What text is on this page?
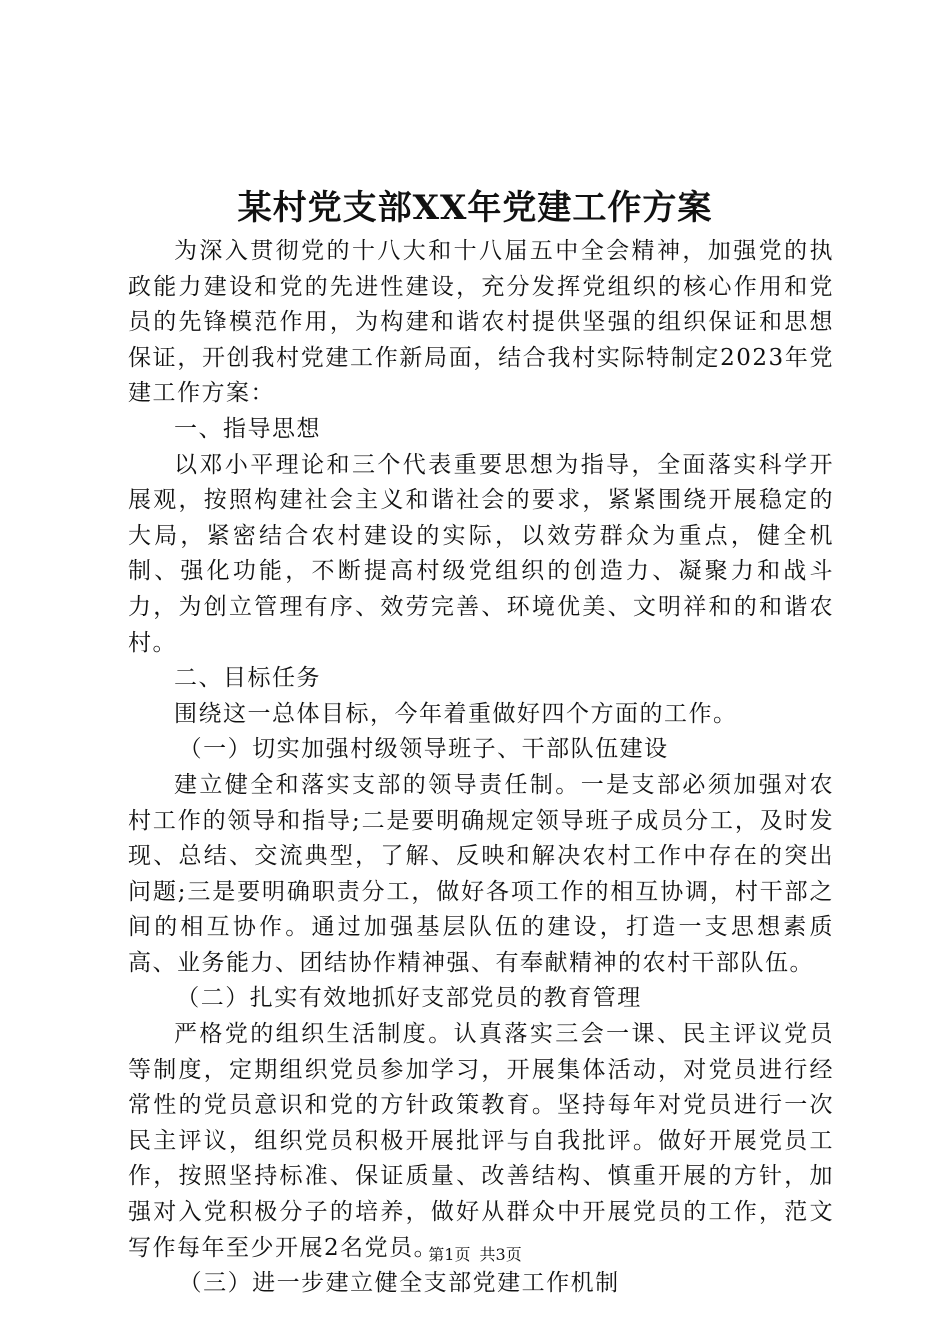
某村党支部XX年党建工作方案

为深入贯彻党的十八大和十八届五中全会精神，加强党的执政能力建设和党的先进性建设，充分发挥党组织的核心作用和党员的先锋模范作用，为构建和谐农村提供坚强的组织保证和思想保证，开创我村党建工作新局面，结合我村实际特制定2023年党建工作方案：

一、指导思想

以邓小平理论和三个代表重要思想为指导，全面落实科学开展观，按照构建社会主义和谐社会的要求，紧紧围绕开展稳定的大局，紧密结合农村建设的实际，以效劳群众为重点，健全机制、强化功能，不断提高村级党组织的创造力、凝聚力和战斗力，为创立管理有序、效劳完善、环境优美、文明祥和的和谐农村。

二、目标任务

围绕这一总体目标，今年着重做好四个方面的工作。

（一）切实加强村级领导班子、干部队伍建设

建立健全和落实支部的领导责任制。一是支部必须加强对农村工作的领导和指导;二是要明确规定领导班子成员分工，及时发现、总结、交流典型，了解、反映和解决农村工作中存在的突出问题;三是要明确职责分工，做好各项工作的相互协调，村干部之间的相互协作。通过加强基层队伍的建设，打造一支思想素质高、业务能力、团结协作精神强、有奉献精神的农村干部队伍。

（二）扎实有效地抓好支部党员的教育管理

严格党的组织生活制度。认真落实三会一课、民主评议党员等制度，定期组织党员参加学习，开展集体活动，对党员进行经常性的党员意识和党的方针政策教育。坚持每年对党员进行一次民主评议，组织党员积极开展批评与自我批评。做好开展党员工作，按照坚持标准、保证质量、改善结构、慎重开展的方针，加强对入党积极分子的培养，做好从群众中开展党员的工作，范文写作每年至少开展2名党员。

（三）进一步建立健全支部党建工作机制

第1页 共3页
